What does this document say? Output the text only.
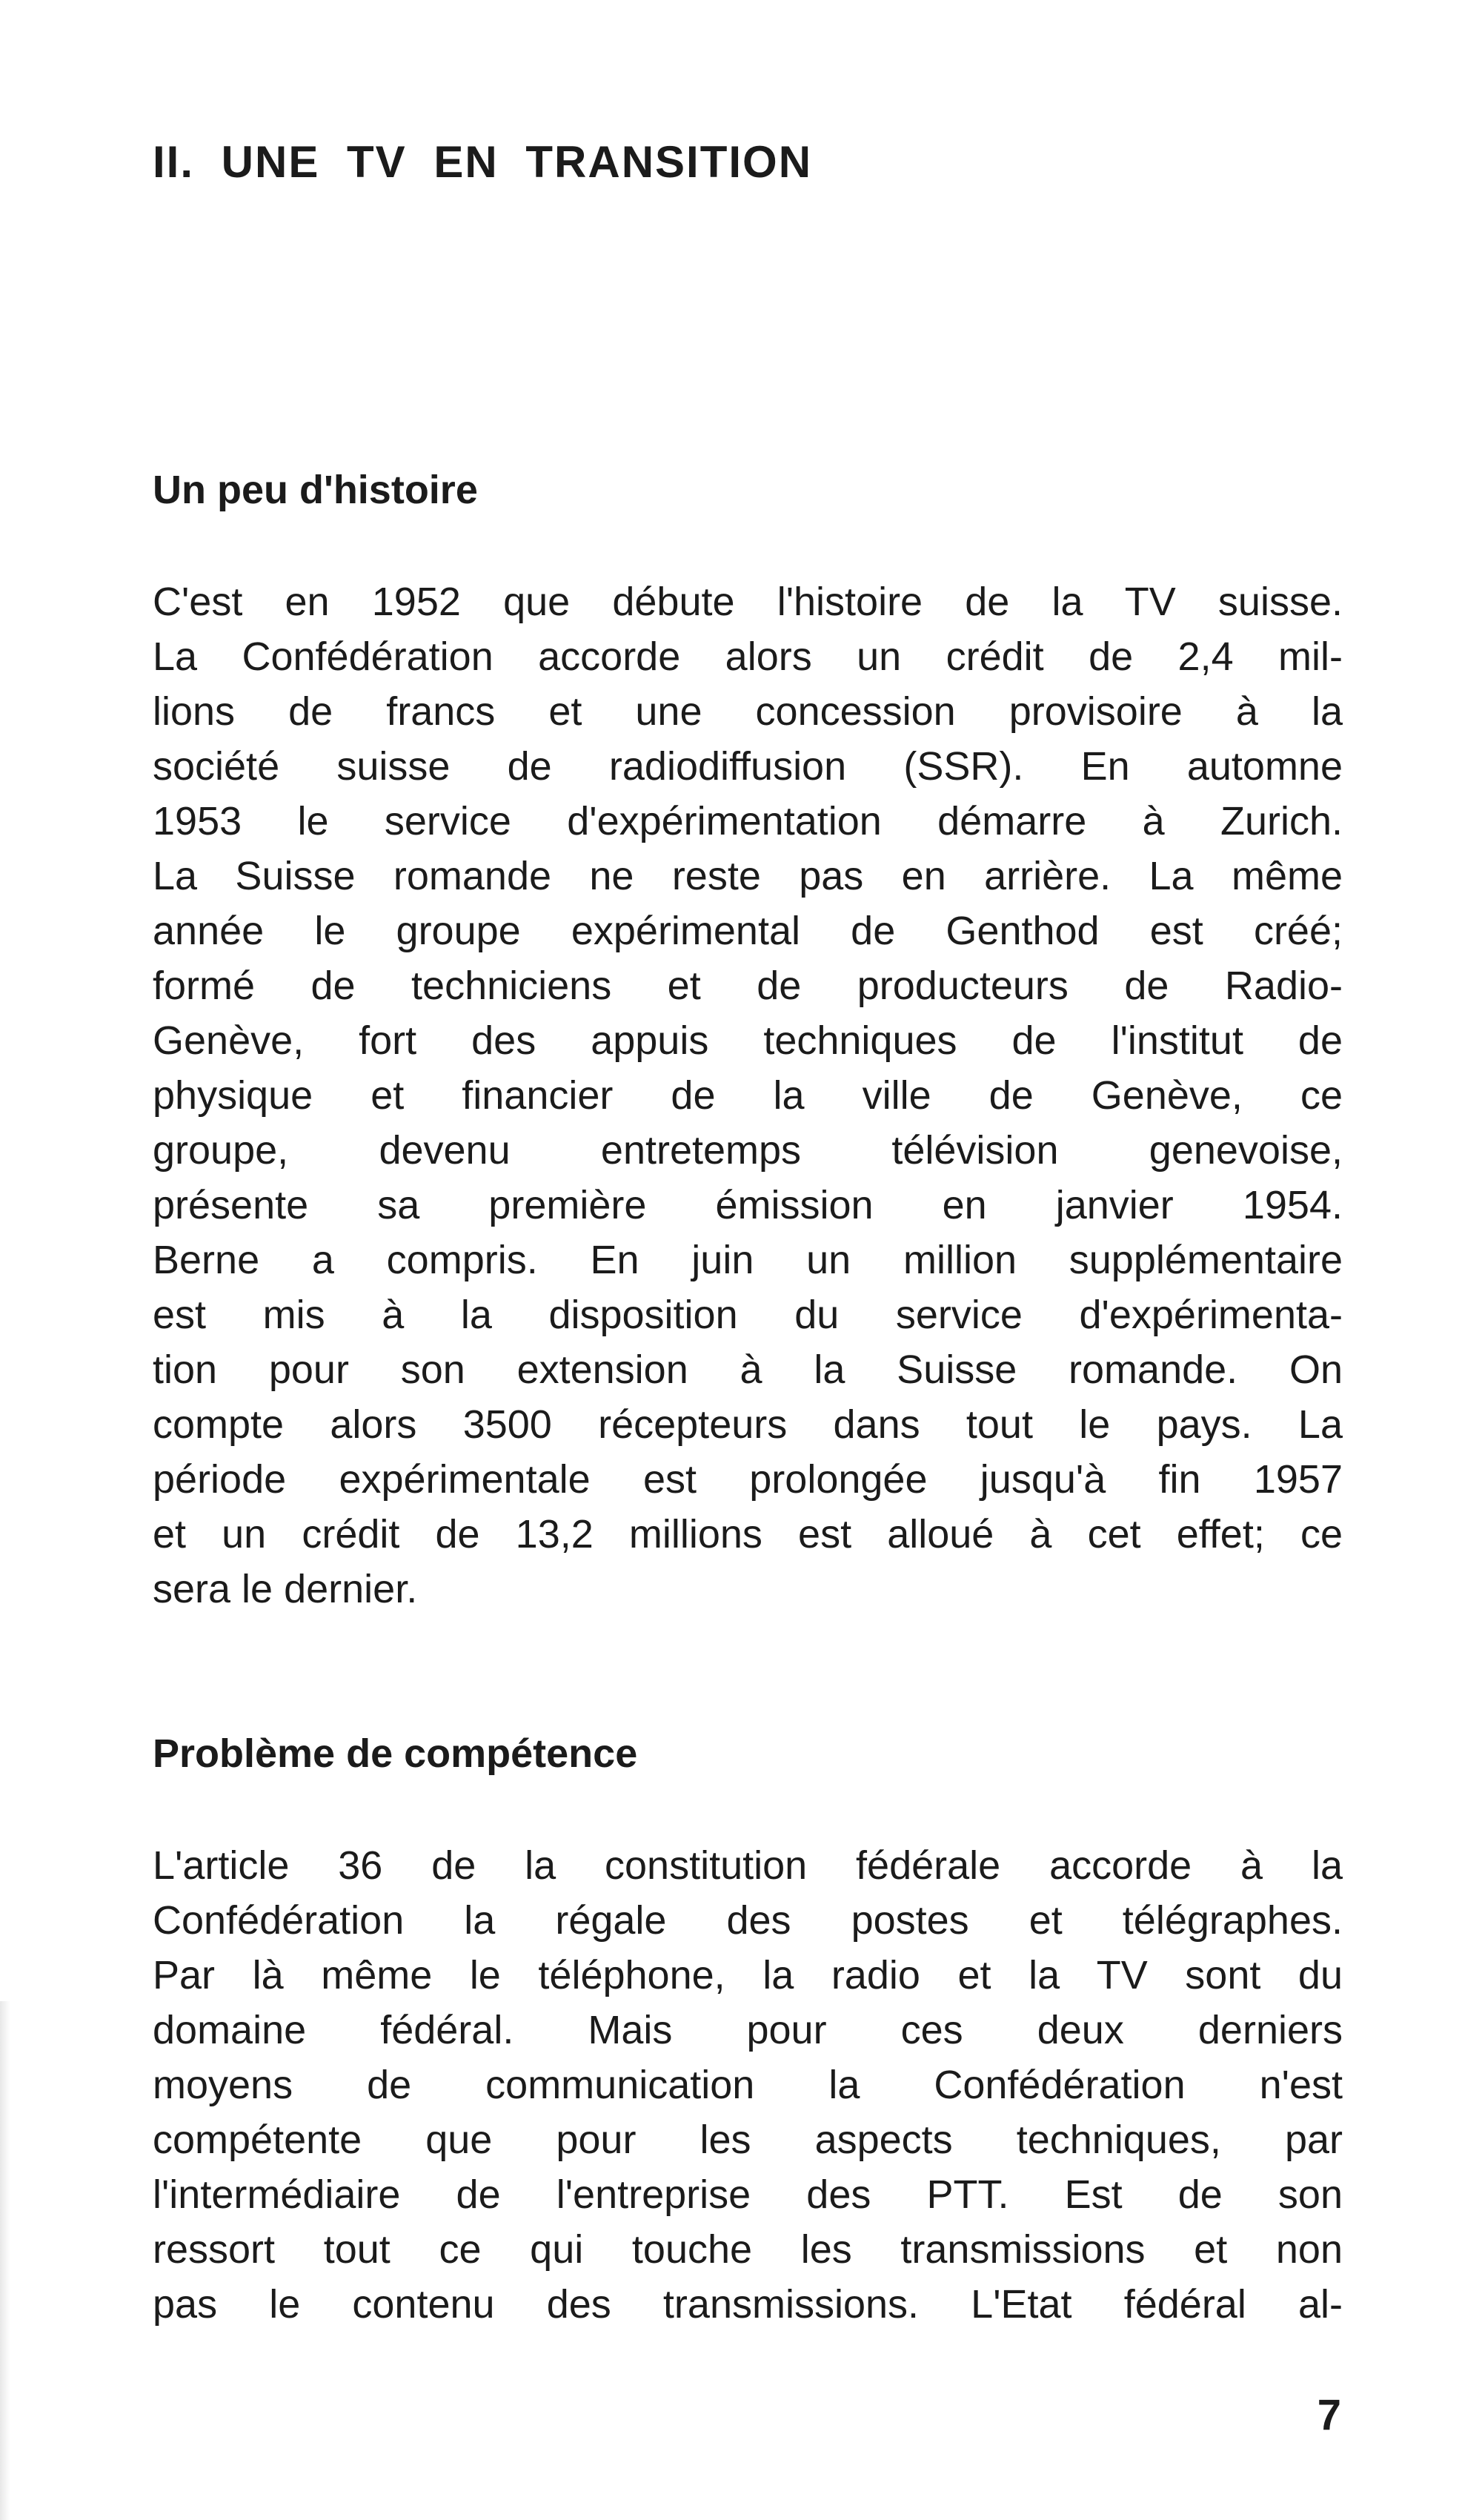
II. UNE TV EN TRANSITION
Un peu d'histoire
C'est en 1952 que débute l'histoire de la TV suisse.
La Confédération accorde alors un crédit de 2,4 mil-
lions de francs et une concession provisoire à la
société suisse de radiodiffusion (SSR). En automne
1953 le service d'expérimentation démarre à Zurich.
La Suisse romande ne reste pas en arrière. La même
année le groupe expérimental de Genthod est créé;
formé de techniciens et de producteurs de Radio-
Genève, fort des appuis techniques de l'institut de
physique et financier de la ville de Genève, ce
groupe, devenu entretemps télévision genevoise,
présente sa première émission en janvier 1954.
Berne a compris. En juin un million supplémentaire
est mis à la disposition du service d'expérimenta-
tion pour son extension à la Suisse romande. On
compte alors 3500 récepteurs dans tout le pays. La
période expérimentale est prolongée jusqu'à fin 1957
et un crédit de 13,2 millions est alloué à cet effet; ce
sera le dernier.
Problème de compétence
L'article 36 de la constitution fédérale accorde à la
Confédération la régale des postes et télégraphes.
Par là même le téléphone, la radio et la TV sont du
domaine fédéral. Mais pour ces deux derniers
moyens de communication la Confédération n'est
compétente que pour les aspects techniques, par
l'intermédiaire de l'entreprise des PTT. Est de son
ressort tout ce qui touche les transmissions et non
pas le contenu des transmissions. L'Etat fédéral al-
7
